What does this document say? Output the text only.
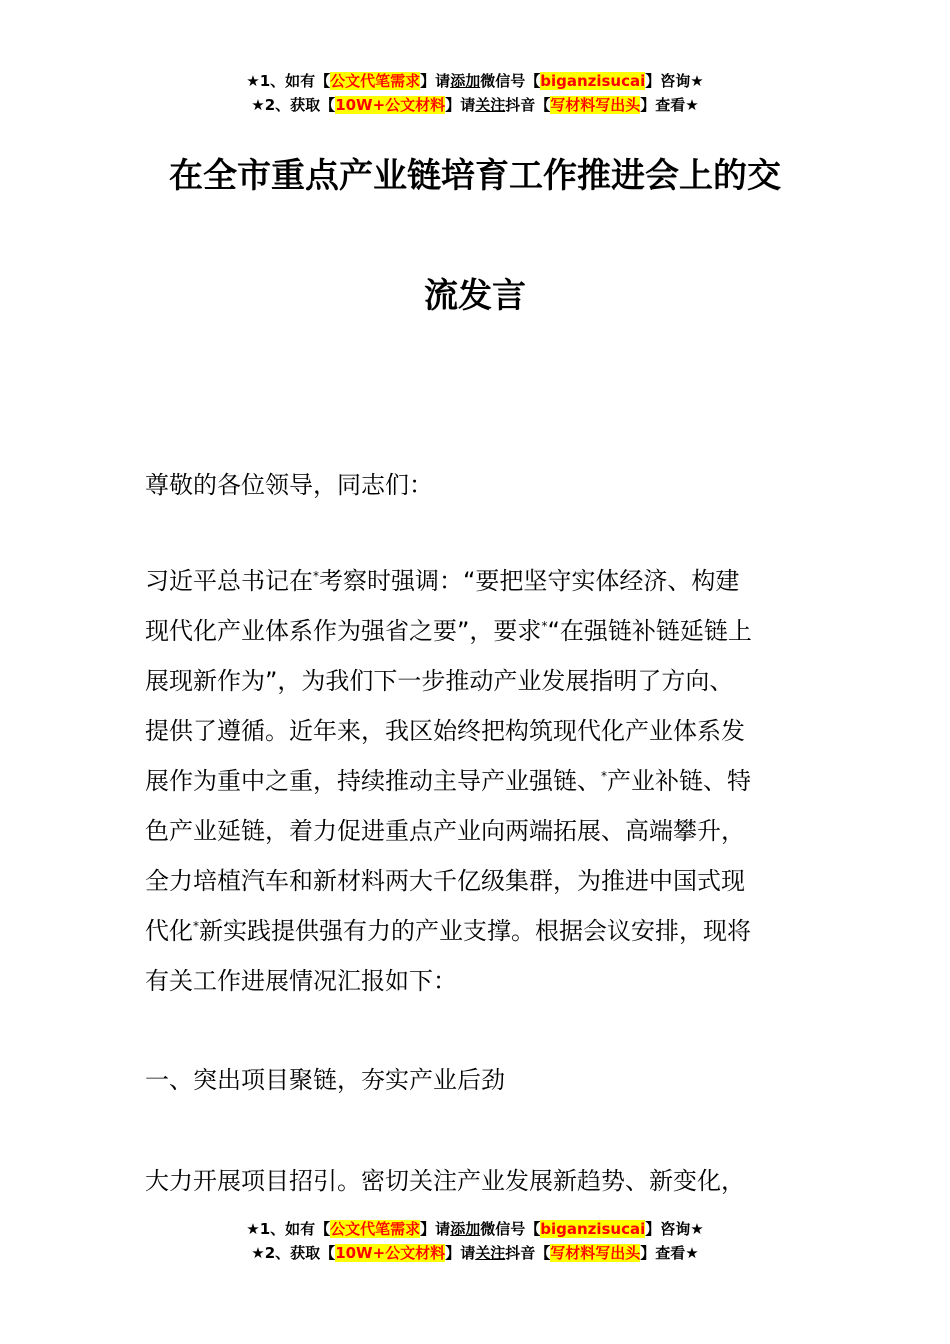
★1、如有【公文代笔需求】请添加微信号【biganzisucai】咨询★
★2、获取【10W+公文材料】请关注抖音【写材料写出头】查看★
在全市重点产业链培育工作推进会上的交
流发言
尊敬的各位领导，同志们：
习近平总书记在*考察时强调：“要把坚守实体经济、构建
现代化产业体系作为强省之要”，要求*“在强链补链延链上
展现新作为”，为我们下一步推动产业发展指明了方向、
提供了遵循。近年来，我区始终把构筑现代化产业体系发
展作为重中之重，持续推动主导产业强链、*产业补链、特
色产业延链，着力促进重点产业向两端拓展、高端攀升，
全力培植汽车和新材料两大千亿级集群，为推进中国式现
代化*新实践提供强有力的产业支撑。根据会议安排，现将
有关工作进展情况汇报如下：
一、突出项目聚链，夯实产业后劲
大力开展项目招引。密切关注产业发展新趋势、新变化，
★1、如有【公文代笔需求】请添加微信号【biganzisucai】咨询★
★2、获取【10W+公文材料】请关注抖音【写材料写出头】查看★
